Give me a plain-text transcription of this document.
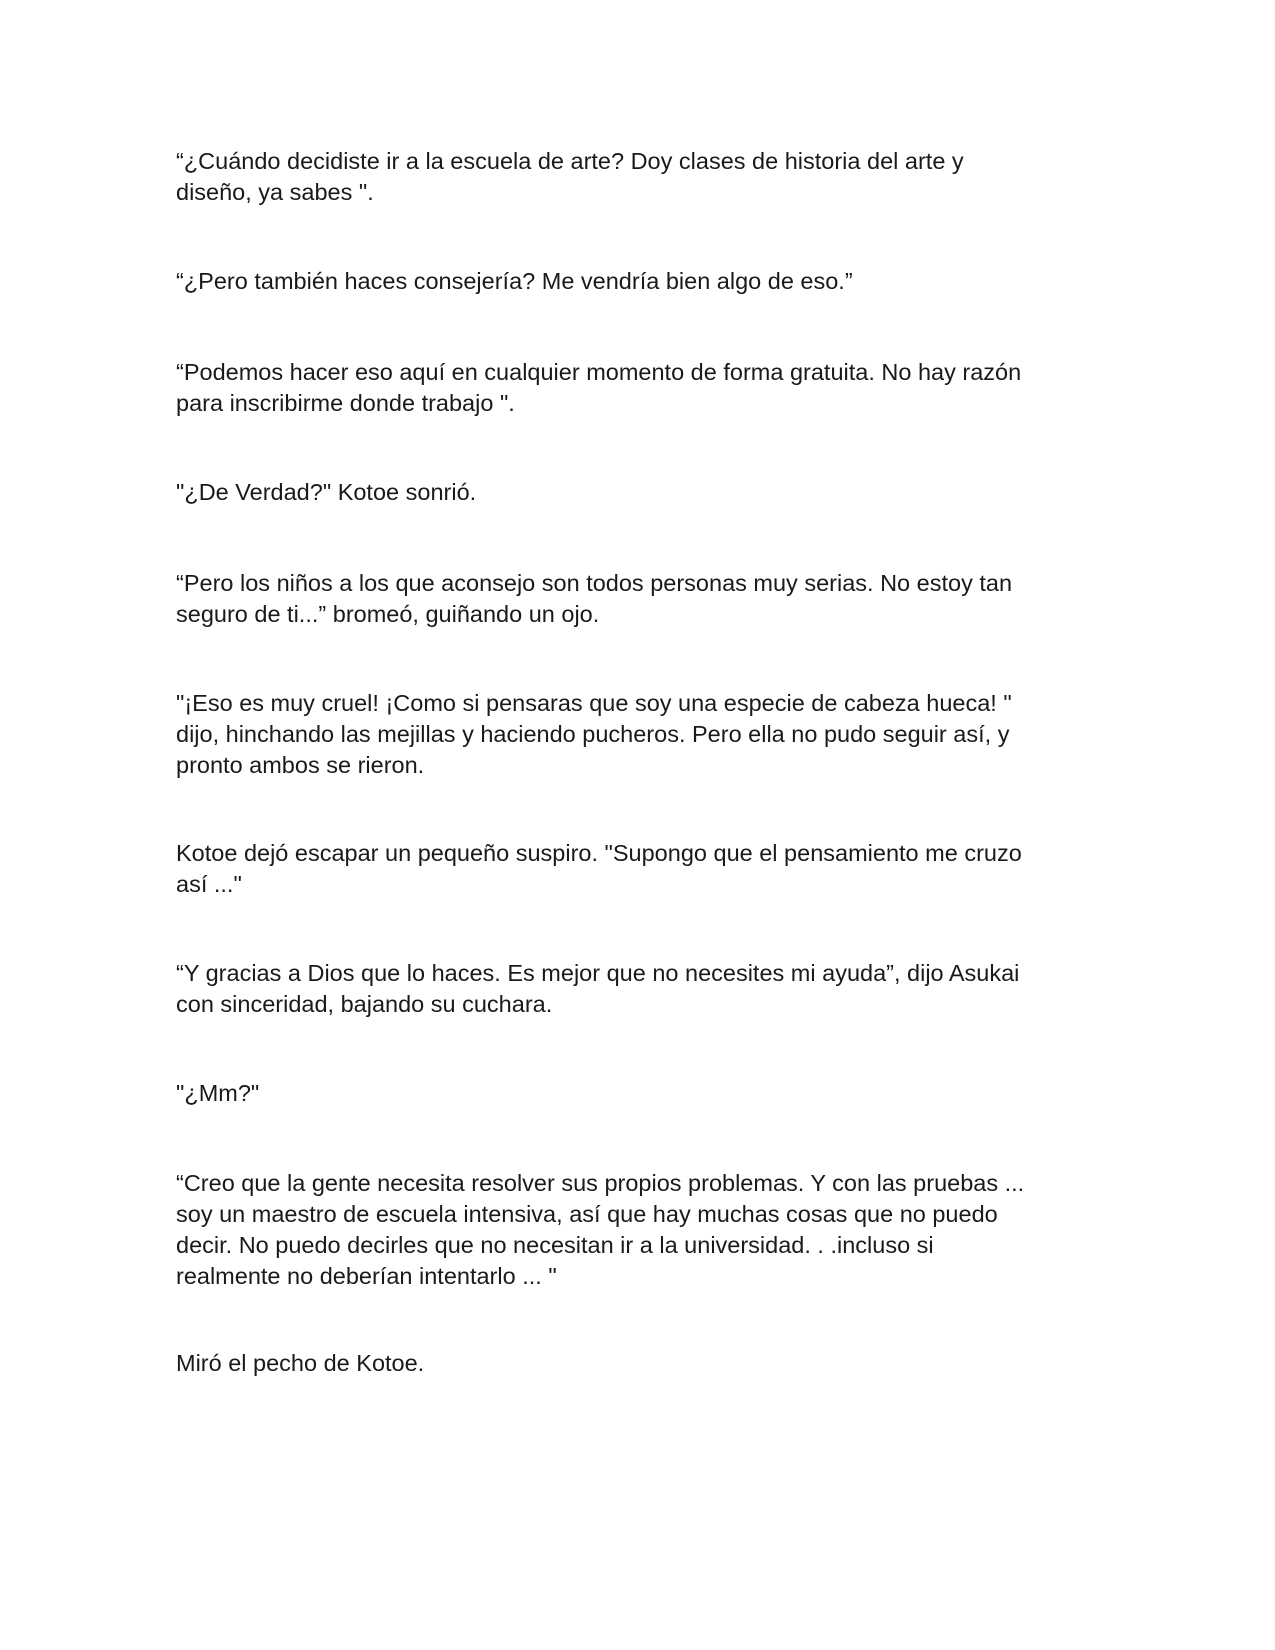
“¿Cuándo decidiste ir a la escuela de arte? Doy clases de historia del arte y
diseño, ya sabes ".

“¿Pero también haces consejería? Me vendría bien algo de eso.”

“Podemos hacer eso aquí en cualquier momento de forma gratuita. No hay razón
para inscribirme donde trabajo ".

"¿De Verdad?" Kotoe sonrió.

“Pero los niños a los que aconsejo son todos personas muy serias. No estoy tan
seguro de ti...” bromeó, guiñando un ojo.

"¡Eso es muy cruel! ¡Como si pensaras que soy una especie de cabeza hueca! "
dijo, hinchando las mejillas y haciendo pucheros. Pero ella no pudo seguir así, y
pronto ambos se rieron.

Kotoe dejó escapar un pequeño suspiro. "Supongo que el pensamiento me cruzo
así ..."

“Y gracias a Dios que lo haces. Es mejor que no necesites mi ayuda”, dijo Asukai
con sinceridad, bajando su cuchara.

"¿Mm?"

“Creo que la gente necesita resolver sus propios problemas. Y con las pruebas ...
soy un maestro de escuela intensiva, así que hay muchas cosas que no puedo
decir. No puedo decirles que no necesitan ir a la universidad. . .incluso si
realmente no deberían intentarlo ... "

Miró el pecho de Kotoe.
